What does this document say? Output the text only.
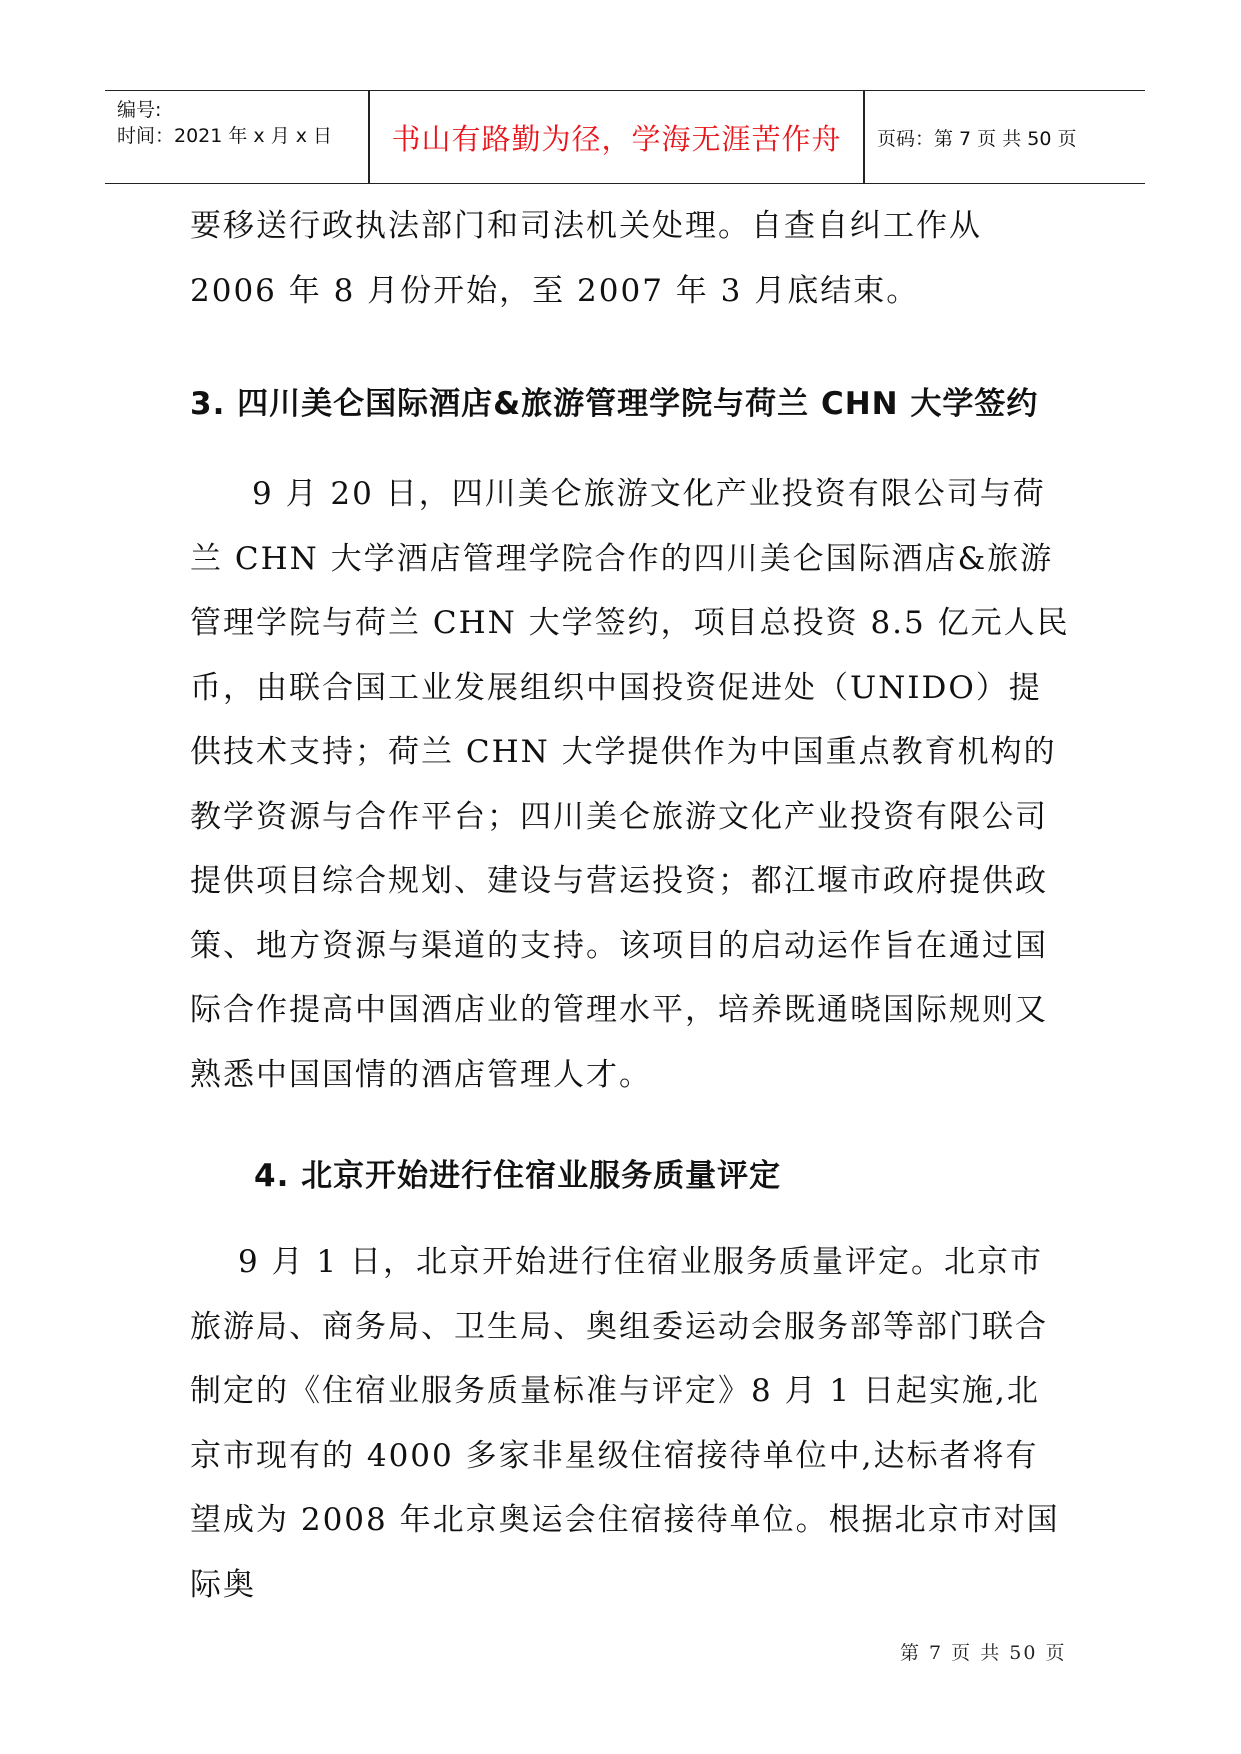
编号:
时间：2021 年 x 月 x 日	书山有路勤为径，学海无涯苦作舟	页码：第 7 页 共 50 页

要移送行政执法部门和司法机关处理。自查自纠工作从 2006 年 8 月份开始，至 2007 年 3 月底结束。

3. 四川美仑国际酒店&旅游管理学院与荷兰 CHN 大学签约

9 月 20 日，四川美仑旅游文化产业投资有限公司与荷兰 CHN 大学酒店管理学院合作的四川美仑国际酒店&旅游管理学院与荷兰 CHN 大学签约，项目总投资 8.5 亿元人民币，由联合国工业发展组织中国投资促进处（UNIDO）提供技术支持；荷兰 CHN 大学提供作为中国重点教育机构的教学资源与合作平台；四川美仑旅游文化产业投资有限公司提供项目综合规划、建设与营运投资；都江堰市政府提供政策、地方资源与渠道的支持。该项目的启动运作旨在通过国际合作提高中国酒店业的管理水平，培养既通晓国际规则又熟悉中国国情的酒店管理人才。

4. 北京开始进行住宿业服务质量评定

9 月 1 日，北京开始进行住宿业服务质量评定。北京市旅游局、商务局、卫生局、奥组委运动会服务部等部门联合制定的《住宿业服务质量标准与评定》8 月 1 日起实施,北京市现有的 4000 多家非星级住宿接待单位中,达标者将有望成为 2008 年北京奥运会住宿接待单位。根据北京市对国际奥

第 7 页 共 50 页
